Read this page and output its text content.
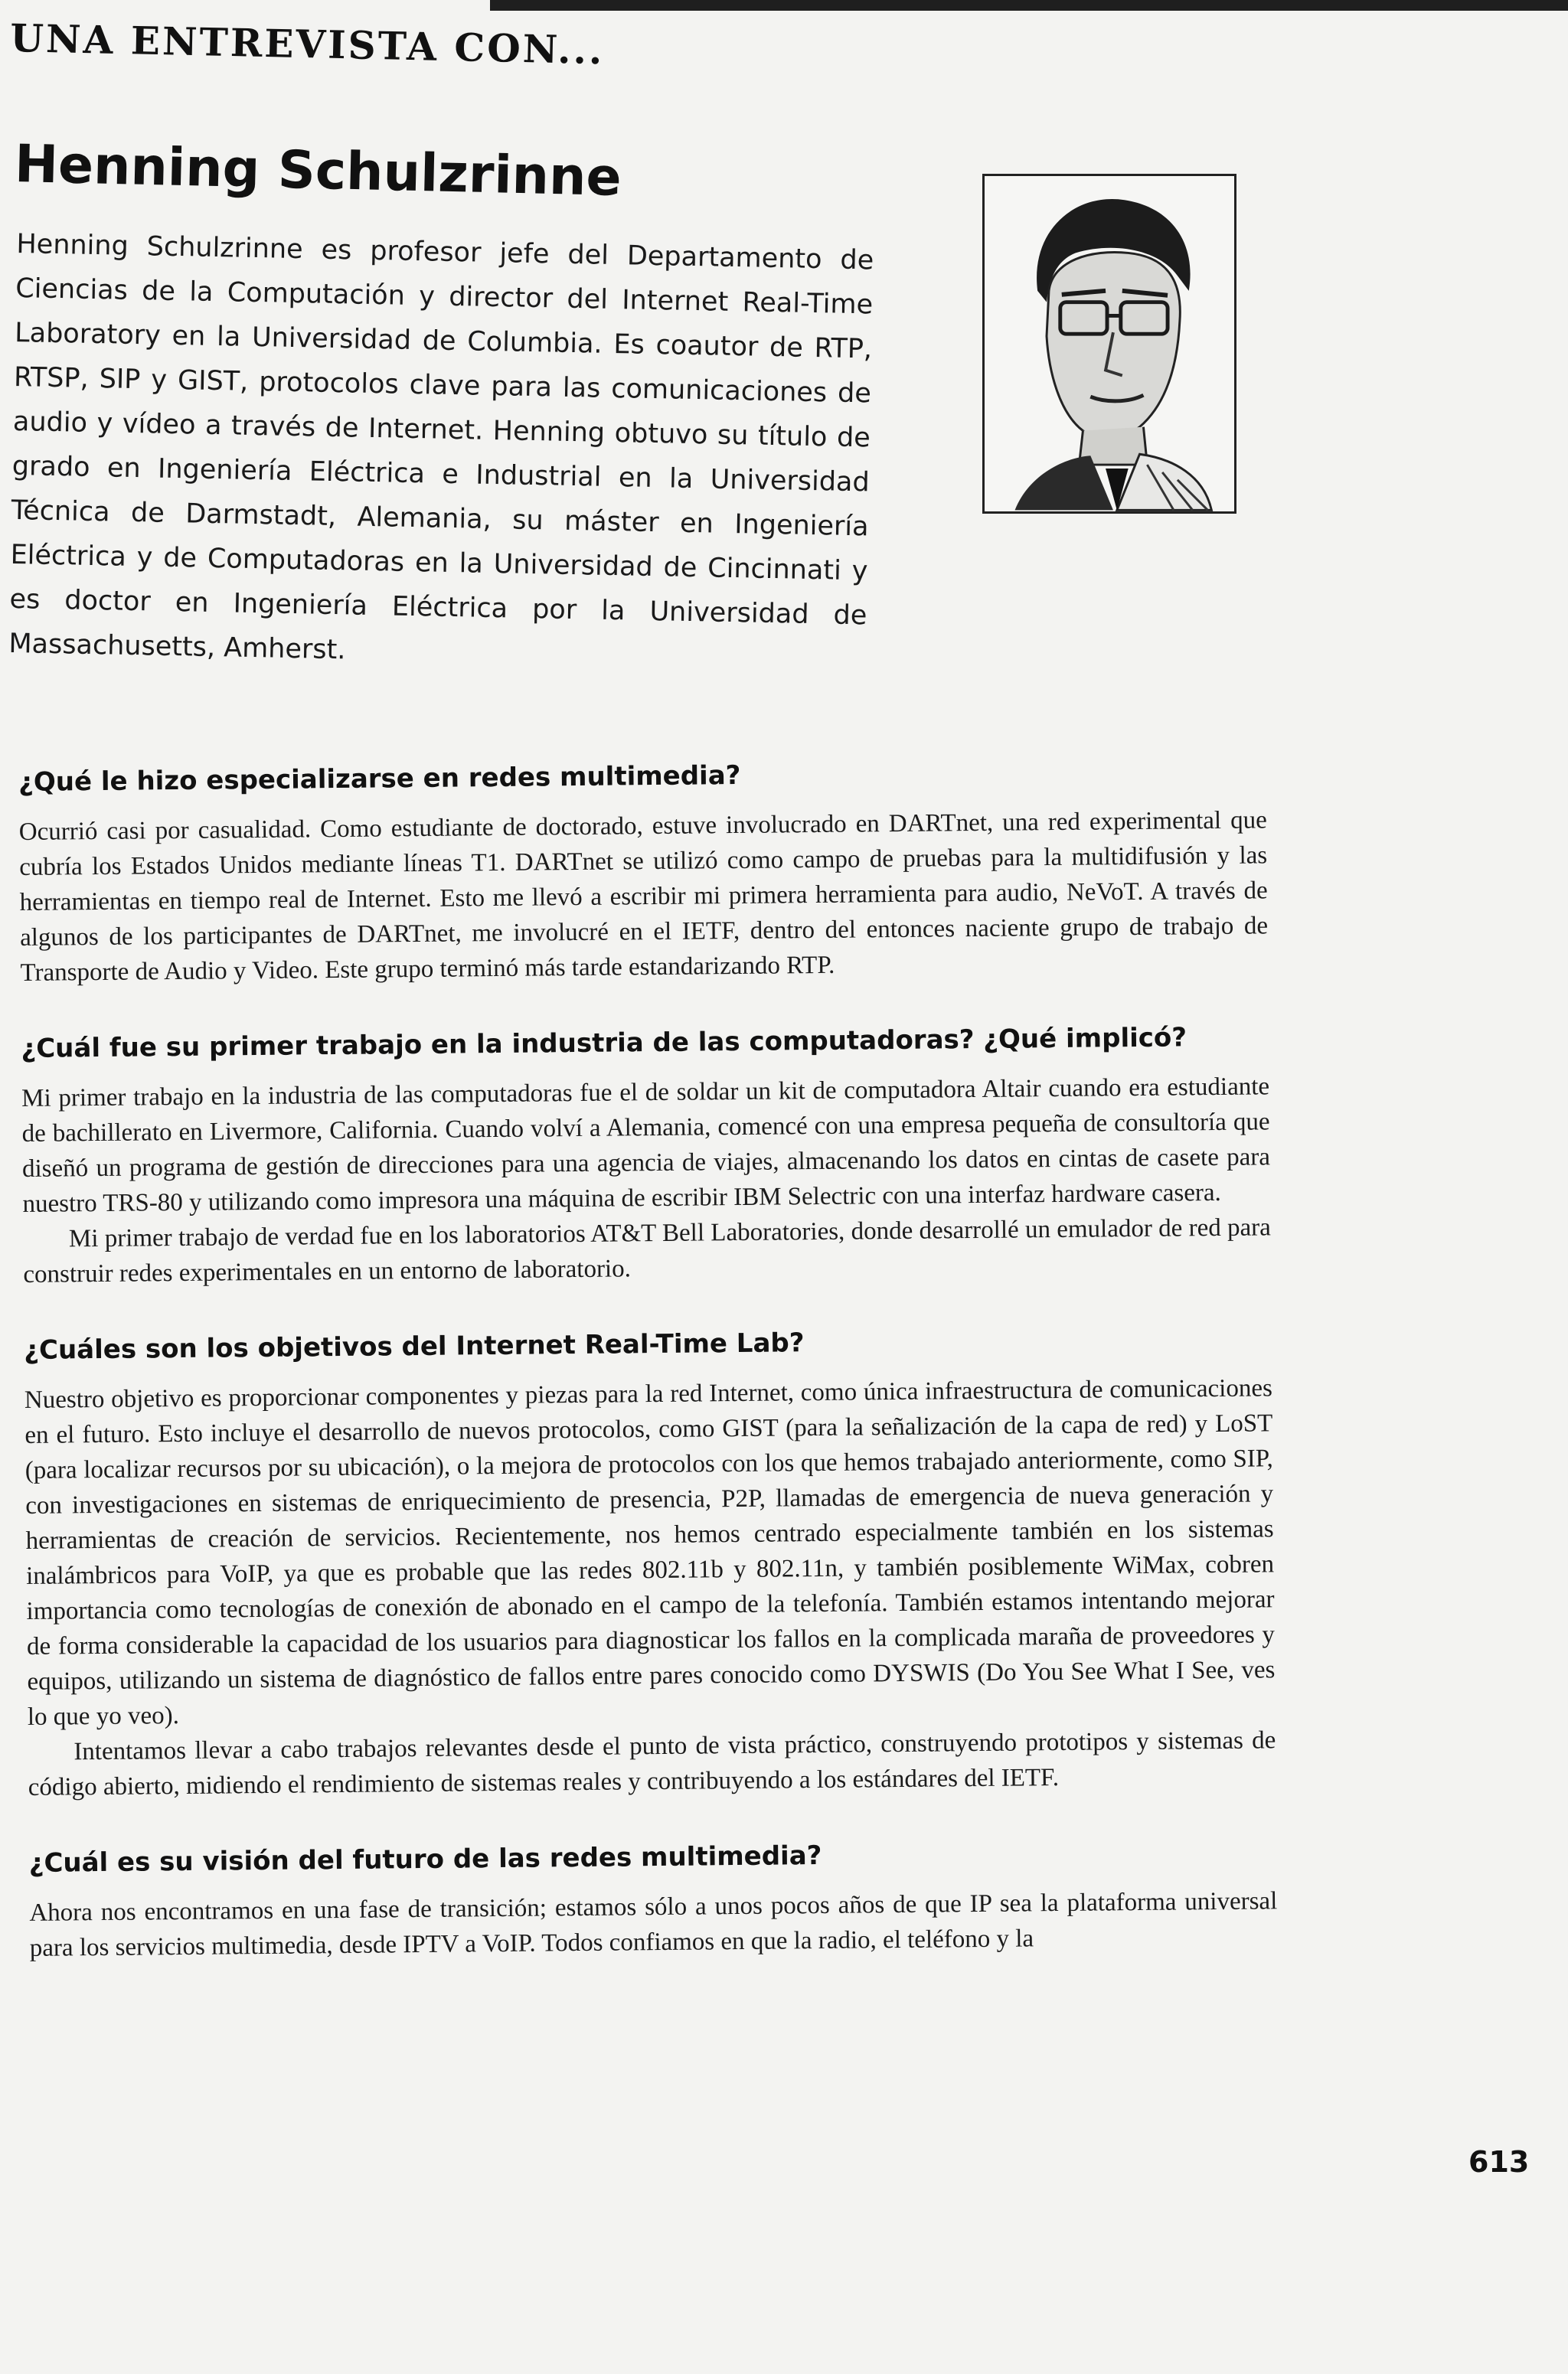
UNA ENTREVISTA CON...
Henning Schulzrinne
Henning Schulzrinne es profesor jefe del Departamento de Ciencias de la Computación y director del Internet Real-Time Laboratory en la Universidad de Columbia. Es coautor de RTP, RTSP, SIP y GIST, protocolos clave para las comunicaciones de audio y vídeo a través de Internet. Henning obtuvo su título de grado en Ingeniería Eléctrica e Industrial en la Universidad Técnica de Darmstadt, Alemania, su máster en Ingeniería Eléctrica y de Computadoras en la Universidad de Cincinnati y es doctor en Ingeniería Eléctrica por la Universidad de Massachusetts, Amherst.

¿Qué le hizo especializarse en redes multimedia?

Ocurrió casi por casualidad. Como estudiante de doctorado, estuve involucrado en DARTnet, una red experimental que cubría los Estados Unidos mediante líneas T1. DARTnet se utilizó como campo de pruebas para la multidifusión y las herramientas en tiempo real de Internet. Esto me llevó a escribir mi primera herramienta para audio, NeVoT. A través de algunos de los participantes de DARTnet, me involucré en el IETF, dentro del entonces naciente grupo de trabajo de Transporte de Audio y Video. Este grupo terminó más tarde estandarizando RTP.

¿Cuál fue su primer trabajo en la industria de las computadoras? ¿Qué implicó?

Mi primer trabajo en la industria de las computadoras fue el de soldar un kit de computadora Altair cuando era estudiante de bachillerato en Livermore, California. Cuando volví a Alemania, comencé con una empresa pequeña de consultoría que diseñó un programa de gestión de direcciones para una agencia de viajes, almacenando los datos en cintas de casete para nuestro TRS-80 y utilizando como impresora una máquina de escribir IBM Selectric con una interfaz hardware casera.

Mi primer trabajo de verdad fue en los laboratorios AT&T Bell Laboratories, donde desarrollé un emulador de red para construir redes experimentales en un entorno de laboratorio.

¿Cuáles son los objetivos del Internet Real-Time Lab?

Nuestro objetivo es proporcionar componentes y piezas para la red Internet, como única infraestructura de comunicaciones en el futuro. Esto incluye el desarrollo de nuevos protocolos, como GIST (para la señalización de la capa de red) y LoST (para localizar recursos por su ubicación), o la mejora de protocolos con los que hemos trabajado anteriormente, como SIP, con investigaciones en sistemas de enriquecimiento de presencia, P2P, llamadas de emergencia de nueva generación y herramientas de creación de servicios. Recientemente, nos hemos centrado especialmente también en los sistemas inalámbricos para VoIP, ya que es probable que las redes 802.11b y 802.11n, y también posiblemente WiMax, cobren importancia como tecnologías de conexión de abonado en el campo de la telefonía. También estamos intentando mejorar de forma considerable la capacidad de los usuarios para diagnosticar los fallos en la complicada maraña de proveedores y equipos, utilizando un sistema de diagnóstico de fallos entre pares conocido como DYSWIS (Do You See What I See, ves lo que yo veo).

Intentamos llevar a cabo trabajos relevantes desde el punto de vista práctico, construyendo prototipos y sistemas de código abierto, midiendo el rendimiento de sistemas reales y contribuyendo a los estándares del IETF.

¿Cuál es su visión del futuro de las redes multimedia?

Ahora nos encontramos en una fase de transición; estamos sólo a unos pocos años de que IP sea la plataforma universal para los servicios multimedia, desde IPTV a VoIP. Todos confiamos en que la radio, el teléfono y la

613
